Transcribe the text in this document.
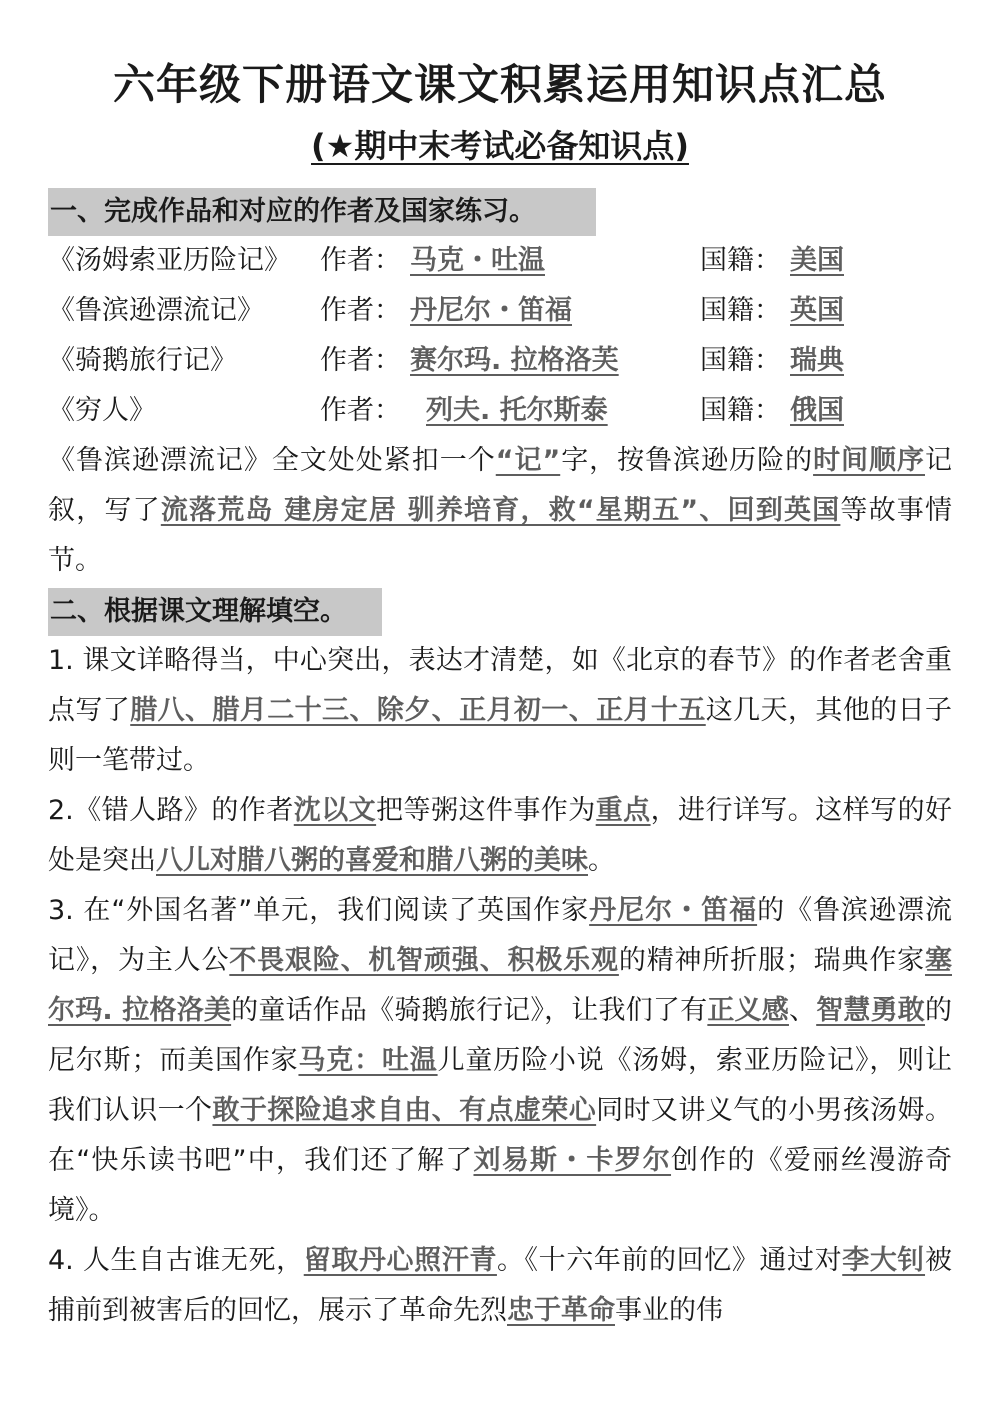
六年级下册语文课文积累运用知识点汇总
(★期中末考试必备知识点)
一、完成作品和对应的作者及国家练习。
《汤姆索亚历险记》 作者： 马克・吐温	国籍： 美国
《鲁滨逊漂流记》 作者： 丹尼尔・笛福	国籍： 英国
《骑鹅旅行记》	作者： 赛尔玛. 拉格洛芙	国籍： 瑞典
《穷人》	作者： 列夫. 托尔斯泰	国籍： 俄国

《鲁滨逊漂流记》全文处处紧扣一个“记”字，按鲁滨逊历险的时间顺序记叙，写了流落荒岛 建房定居 驯养培育，救“星期五”、回到英国等故事情节。

二、根据课文理解填空。

1. 课文详略得当，中心突出，表达才清楚，如《北京的春节》的作者老舍重点写了腊八、腊月二十三、除夕、正月初一、正月十五这几天，其他的日子则一笔带过。

2.《错人路》的作者沈以文把等粥这件事作为重点，进行详写。这样写的好处是突出八儿对腊八粥的喜爱和腊八粥的美味。

3. 在“外国名著”单元，我们阅读了英国作家丹尼尔・笛福的《鲁滨逊漂流记》，为主人公不畏艰险、机智顽强、积极乐观的精神所折服；瑞典作家塞尔玛. 拉格洛美的童话作品《骑鹅旅行记》，让我们了有正义感、智慧勇敢的尼尔斯；而美国作家马克：吐温儿童历险小说《汤姆，索亚历险记》，则让我们认识一个敢于探险追求自由、有点虚荣心同时又讲义气的小男孩汤姆。在“快乐读书吧”中，我们还了解了刘易斯・卡罗尔创作的《爱丽丝漫游奇境》。

4. 人生自古谁无死，留取丹心照汗青。《十六年前的回忆》通过对李大钊被捕前到被害后的回忆，展示了革命先烈忠于革命事业的伟
